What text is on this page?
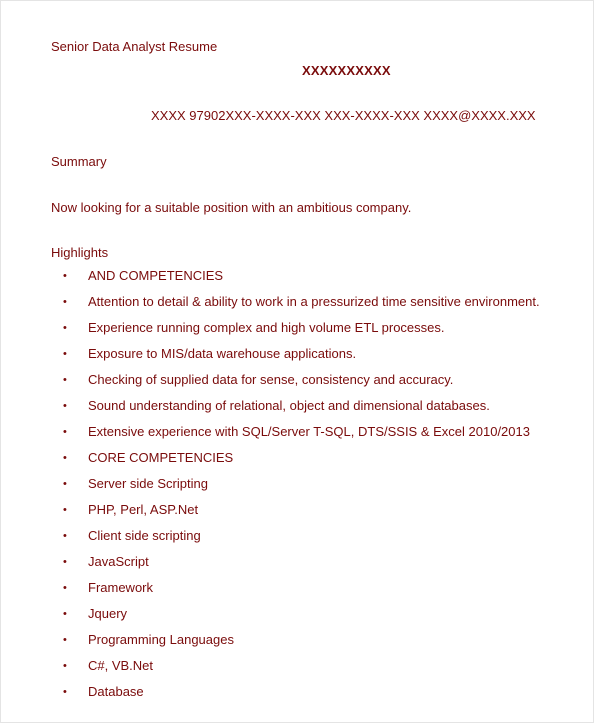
Senior Data Analyst Resume
XXXXXXXXXX
XXXX 97902XXX-XXXX-XXX XXX-XXXX-XXX XXXX@XXXX.XXX
Summary
Now looking for a suitable position with an ambitious company.
Highlights
•	AND COMPETENCIES
•	Attention to detail & ability to work in a pressurized time sensitive environment.
•	Experience running complex and high volume ETL processes.
•	Exposure to MIS/data warehouse applications.
•	Checking of supplied data for sense, consistency and accuracy.
•	Sound understanding of relational, object and dimensional databases.
•	Extensive experience with SQL/Server T-SQL, DTS/SSIS & Excel 2010/2013
•	CORE COMPETENCIES
•	Server side Scripting
•	PHP, Perl, ASP.Net
•	Client side scripting
•	JavaScript
•	Framework
•	Jquery
•	Programming Languages
•	C#, VB.Net
•	Database
